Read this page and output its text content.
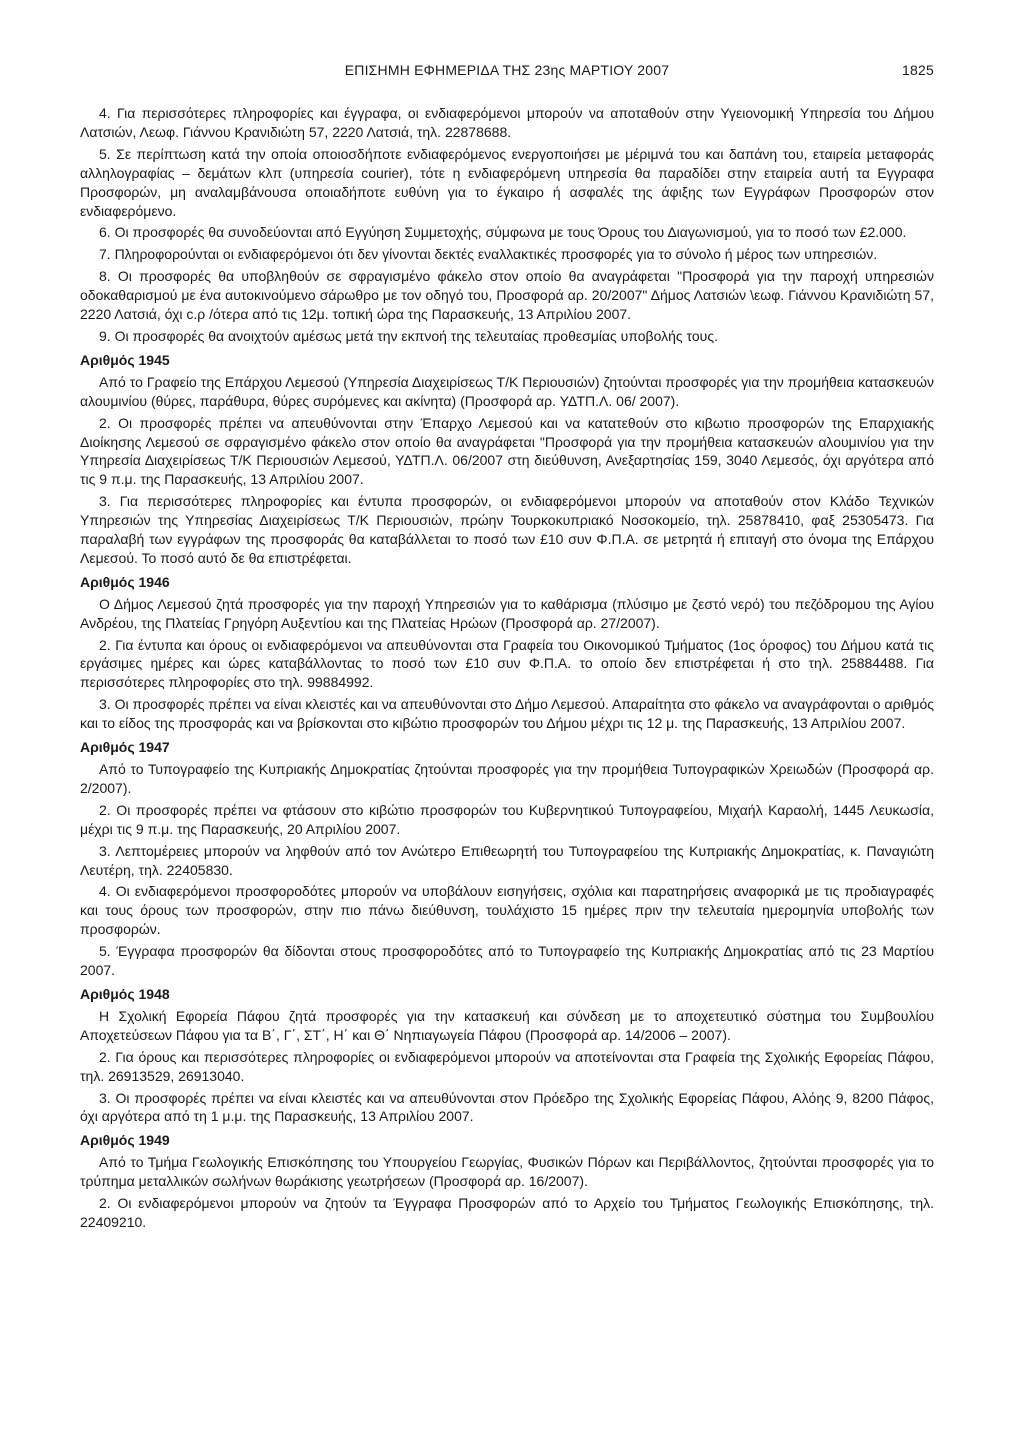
ΕΠΙΣΗΜΗ ΕΦΗΜΕΡΙΔΑ ΤΗΣ 23ης ΜΑΡΤΙΟΥ 2007	1825

4. Για περισσότερες πληροφορίες και έγγραφα, οι ενδιαφερόμενοι μπορούν να αποταθούν στην Υγειονομική Υπηρεσία του Δήμου Λατσιών, Λεωφ. Γιάννου Κρανιδιώτη 57, 2220 Λατσιά, τηλ. 22878688.

5. Σε περίπτωση κατά την οποία οποιοσδήποτε ενδιαφερόμενος ενεργοποιήσει με μέριμνά του και δαπάνη του, εταιρεία μεταφοράς αλληλογραφίας – δεμάτων κλπ (υπηρεσία courier), τότε η ενδιαφερόμενη υπηρεσία θα παραδίδει στην εταιρεία αυτή τα Εγγραφα Προσφορών, μη αναλαμβάνουσα οποιαδήποτε ευθύνη για το έγκαιρο ή ασφαλές της άφιξης των Εγγράφων Προσφορών στον ενδιαφερόμενο.

6. Οι προσφορές θα συνοδεύονται από Εγγύηση Συμμετοχής, σύμφωνα με τους Όρους του Διαγωνισμού, για το ποσό των £2.000.

7. Πληροφορούνται οι ενδιαφερόμενοι ότι δεν γίνονται δεκτές εναλλακτικές προσφορές για το σύνολο ή μέρος των υπηρεσιών.

8. Οι προσφορές θα υποβληθούν σε σφραγισμένο φάκελο στον οποίο θα αναγράφεται "Προσφορά για την παροχή υπηρεσιών οδοκαθαρισμού με ένα αυτοκινούμενο σάρωθρο με τον οδηγό του, Προσφορά αρ. 20/2007" Δήμος Λατσιών \εωφ. Γιάννου Κρανιδιώτη 57, 2220 Λατσιά, όχι ϲ.ρ /ότερα από τις 12μ. τοπική ώρα της Παρασκευής, 13 Απριλίου 2007.

9. Οι προσφορές θα ανοιχτούν αμέσως μετά την εκπνοή της τελευταίας προθεσμίας υποβολής τους.

Αριθμός 1945

Από το Γραφείο της Επάρχου Λεμεσού (Υπηρεσία Διαχειρίσεως Τ/Κ Περιουσιών) ζητούνται προσφορές για την προμήθεια κατασκευών αλουμινίου (θύρες, παράθυρα, θύρες συρόμενες και ακίνητα) (Προσφορά αρ. ΥΔΤΠ.Λ. 06/ 2007).

2. Οι προσφορές πρέπει να απευθύνονται στην Έπαρχο Λεμεσού και να κατατεθούν στο κιβωτιο προσφορών της Επαρχιακής Διοίκησης Λεμεσού σε σφραγισμένο φάκελο στον οποίο θα αναγράφεται "Προσφορά για την προμήθεια κατασκευών αλουμινίου για την Υπηρεσία Διαχειρίσεως Τ/Κ Περιουσιών Λεμεσού, ΥΔΤΠ.Λ. 06/2007 στη διεύθυνση, Ανεξαρτησίας 159, 3040 Λεμεσός, όχι αργότερα από τις 9 π.μ. της Παρασκευής, 13 Απριλίου 2007.

3. Για περισσότερες πληροφορίες και έντυπα προσφορών, οι ενδιαφερόμενοι μπορούν να αποταθούν στον Κλάδο Τεχνικών Υπηρεσιών της Υπηρεσίας Διαχειρίσεως Τ/Κ Περιουσιών, πρώην Τουρκοκυπριακό Νοσοκομείο, τηλ. 25878410, φαξ 25305473. Για παραλαβή των εγγράφων της προσφοράς θα καταβάλλεται το ποσό των £10 συν Φ.Π.Α. σε μετρητά ή επιταγή στο όνομα της Επάρχου Λεμεσού. Το ποσό αυτό δε θα επιστρέφεται.

Αριθμός 1946

Ο Δήμος Λεμεσού ζητά προσφορές για την παροχή Υπηρεσιών για το καθάρισμα (πλύσιμο με ζεστό νερό) του πεζόδρομου της Αγίου Ανδρέου, της Πλατείας Γρηγόρη Αυξεντίου και της Πλατείας Ηρώων (Προσφορά αρ. 27/2007).

2. Για έντυπα και όρους οι ενδιαφερόμενοι να απευθύνονται στα Γραφεία του Οικονομικού Τμήματος (1ος όροφος) του Δήμου κατά τις εργάσιμες ημέρες και ώρες καταβάλλοντας το ποσό των £10 συν Φ.Π.Α. το οποίο δεν επιστρέφεται ή στο τηλ. 25884488. Για περισσότερες πληροφορίες στο τηλ. 99884992.

3. Οι προσφορές πρέπει να είναι κλειστές και να απευθύνονται στο Δήμο Λεμεσού. Απαραίτητα στο φάκελο να αναγράφονται ο αριθμός και το είδος της προσφοράς και να βρίσκονται στο κιβώτιο προσφορών του Δήμου μέχρι τις 12 μ. της Παρασκευής, 13 Απριλίου 2007.

Αριθμός 1947

Από το Τυπογραφείο της Κυπριακής Δημοκρατίας ζητούνται προσφορές για την προμήθεια Τυπογραφικών Χρειωδών (Προσφορά αρ. 2/2007).

2. Οι προσφορές πρέπει να φτάσουν στο κιβώτιο προσφορών του Κυβερνητικού Τυπογραφείου, Μιχαήλ Καραολή, 1445 Λευκωσία, μέχρι τις 9 π.μ. της Παρασκευής, 20 Απριλίου 2007.

3. Λεπτομέρειες μπορούν να ληφθούν από τον Ανώτερο Επιθεωρητή του Τυπογραφείου της Κυπριακής Δημοκρατίας, κ. Παναγιώτη Λευτέρη, τηλ. 22405830.

4. Οι ενδιαφερόμενοι προσφοροδότες μπορούν να υποβάλουν εισηγήσεις, σχόλια και παρατηρήσεις αναφορικά με τις προδιαγραφές και τους όρους των προσφορών, στην πιο πάνω διεύθυνση, τουλάχιστο 15 ημέρες πριν την τελευταία ημερομηνία υποβολής των προσφορών.

5. Έγγραφα προσφορών θα δίδονται στους προσφοροδότες από το Τυπογραφείο της Κυπριακής Δημοκρατίας από τις 23 Μαρτίου 2007.

Αριθμός 1948

Η Σχολική Εφορεία Πάφου ζητά προσφορές για την κατασκευή και σύνδεση με το αποχετευτικό σύστημα του Συμβουλίου Αποχετεύσεων Πάφου για τα Β΄, Γ΄, ΣΤ΄, Η΄ και Θ΄ Νηπιαγωγεία Πάφου (Προσφορά αρ. 14/2006 – 2007).

2. Για όρους και περισσότερες πληροφορίες οι ενδιαφερόμενοι μπορούν να αποτείνονται στα Γραφεία της Σχολικής Εφορείας Πάφου, τηλ. 26913529, 26913040.

3. Οι προσφορές πρέπει να είναι κλειστές και να απευθύνονται στον Πρόεδρο της Σχολικής Εφορείας Πάφου, Αλόης 9, 8200 Πάφος, όχι αργότερα από τη 1 μ.μ. της Παρασκευής, 13 Απριλίου 2007.

Αριθμός 1949

Από το Τμήμα Γεωλογικής Επισκόπησης του Υπουργείου Γεωργίας, Φυσικών Πόρων και Περιβάλλοντος, ζητούνται προσφορές για το τρύπημα μεταλλικών σωλήνων θωράκισης γεωτρήσεων (Προσφορά αρ. 16/2007).

2. Οι ενδιαφερόμενοι μπορούν να ζητούν τα Έγγραφα Προσφορών από το Αρχείο του Τμήματος Γεωλογικής Επισκόπησης, τηλ. 22409210.
